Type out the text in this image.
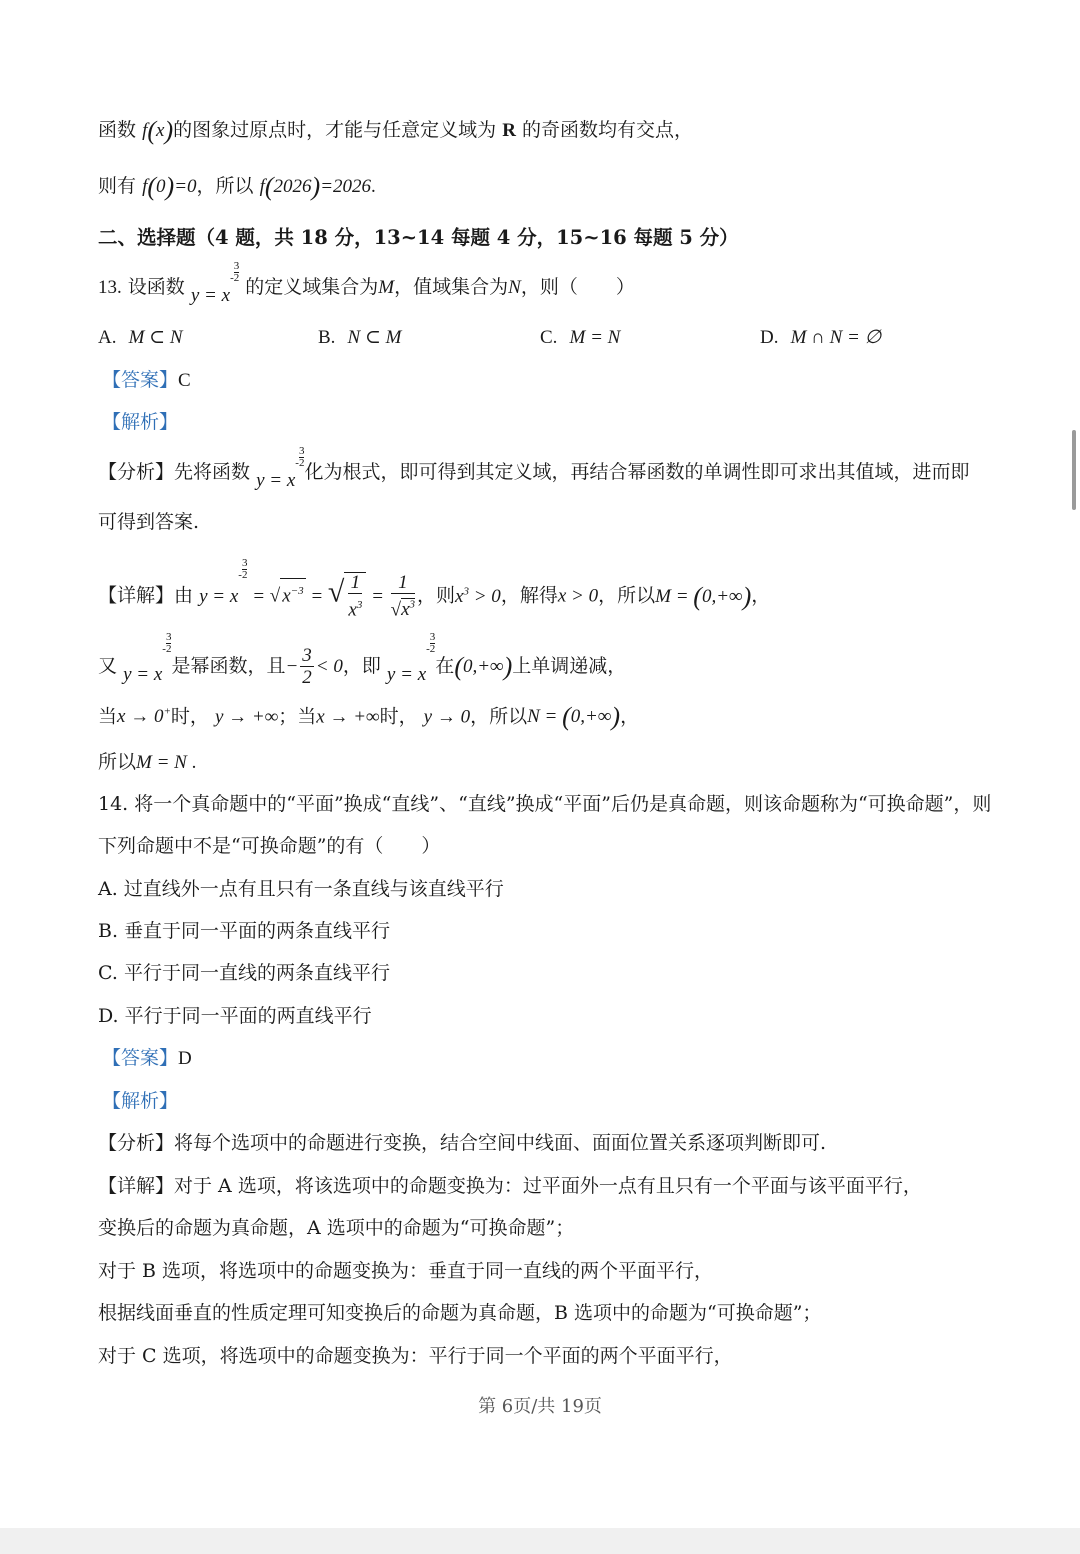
函数 f(x)的图象过原点时，才能与任意定义域为 R 的奇函数均有交点，
则有 f(0)=0，所以 f(2026)=2026.
二、选择题（4 题，共 18 分，13~14 每题 4 分，15~16 每题 5 分）
13. 设函数 $y = x- \frac{3}{2}$ 的定义域集合为M，值域集合为N，则（　　）
A. M ⊂ N	B. N ⊂ M	C. M = N	D. M ∩ N = ∅
【答案】C
【解析】
【分析】先将函数 $y = x- \frac{3}{2}$化为根式，即可得到其定义域，再结合幂函数的单调性即可求出其值域，进而即
可得到答案.
【详解】由 $y = x- \frac{3}{2}$ = √ $x^{-3}$ = √ $\frac{1}{x^3} = \frac{1}{√x^3}$ ，则$x^3 > 0$，解得x > 0，所以M = (0,+∞)，
又 $y = x- \frac{3}{2}$是幂函数，且− $\frac{3}{2} < 0$，即 $y = x- \frac{3}{2}$在(0,+∞)上单调递减，
当x → 0+时， y → +∞；当x → +∞时， y → 0，所以N = (0,+∞)，
所以M = N .
14. 将一个真命题中的“平面”换成“直线”、“直线”换成“平面”后仍是真命题，则该命题称为“可换命题”，则
下列命题中不是“可换命题”的有（　　）
A. 过直线外一点有且只有一条直线与该直线平行
B. 垂直于同一平面的两条直线平行
C. 平行于同一直线的两条直线平行
D. 平行于同一平面的两直线平行
【答案】D
【解析】
【分析】将每个选项中的命题进行变换，结合空间中线面、面面位置关系逐项判断即可.
【详解】对于 A 选项，将该选项中的命题变换为：过平面外一点有且只有一个平面与该平面平行，
变换后的命题为真命题，A 选项中的命题为“可换命题”；
对于 B 选项，将选项中的命题变换为：垂直于同一直线的两个平面平行，
根据线面垂直的性质定理可知变换后的命题为真命题，B 选项中的命题为“可换命题”；
对于 C 选项，将选项中的命题变换为：平行于同一个平面的两个平面平行，
第 6页/共 19页
